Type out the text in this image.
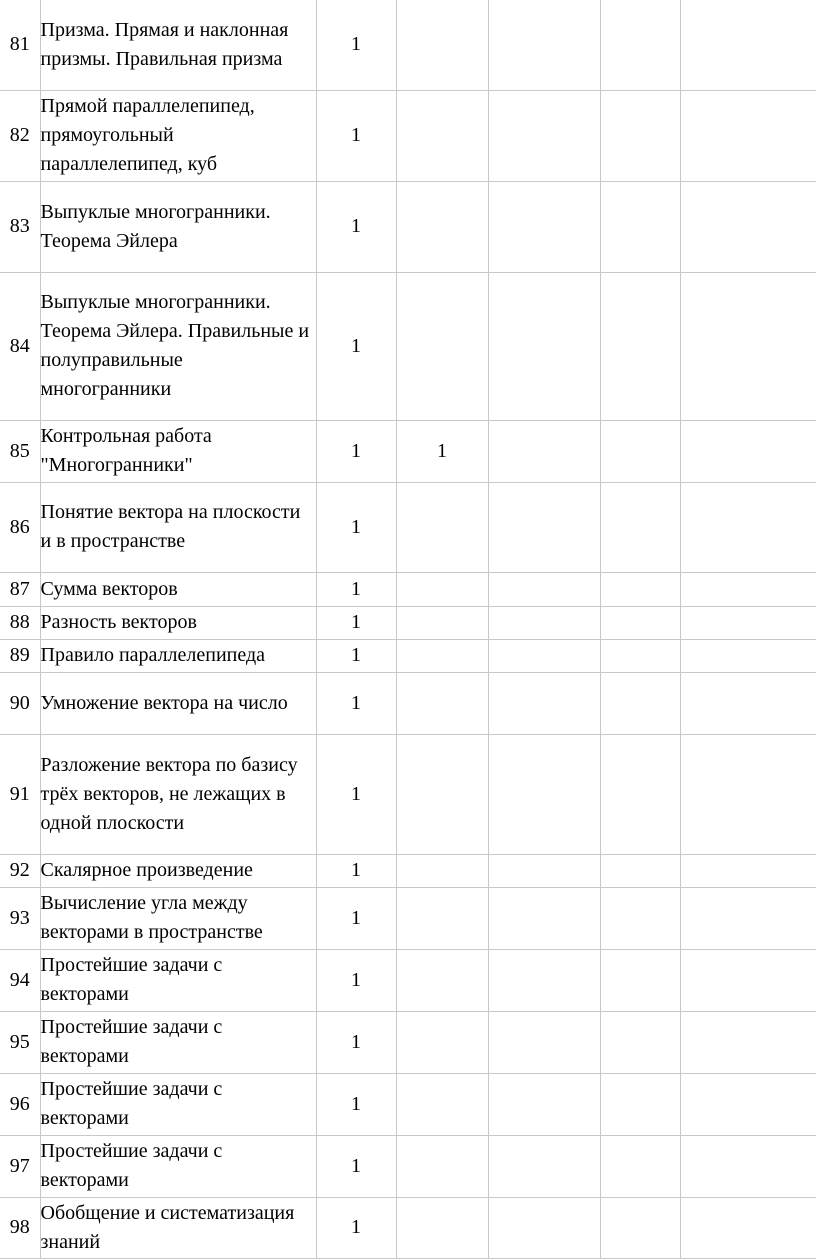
81	Призма. Прямая и наклонная призмы. Правильная призма	1				
82	Прямой параллелепипед, прямоугольный параллелепипед, куб	1				
83	Выпуклые многогранники. Теорема Эйлера	1				
84	Выпуклые многогранники. Теорема Эйлера. Правильные и полуправильные многогранники	1				
85	Контрольная работа "Многогранники"	1	1			
86	Понятие вектора на плоскости и в пространстве	1				
87	Сумма векторов	1				
88	Разность векторов	1				
89	Правило параллелепипеда	1				
90	Умножение вектора на число	1				
91	Разложение вектора по базису трёх векторов, не лежащих в одной плоскости	1				
92	Скалярное произведение	1				
93	Вычисление угла между векторами в пространстве	1				
94	Простейшие задачи с векторами	1				
95	Простейшие задачи с векторами	1				
96	Простейшие задачи с векторами	1				
97	Простейшие задачи с векторами	1				
98	Обобщение и систематизация знаний	1				
